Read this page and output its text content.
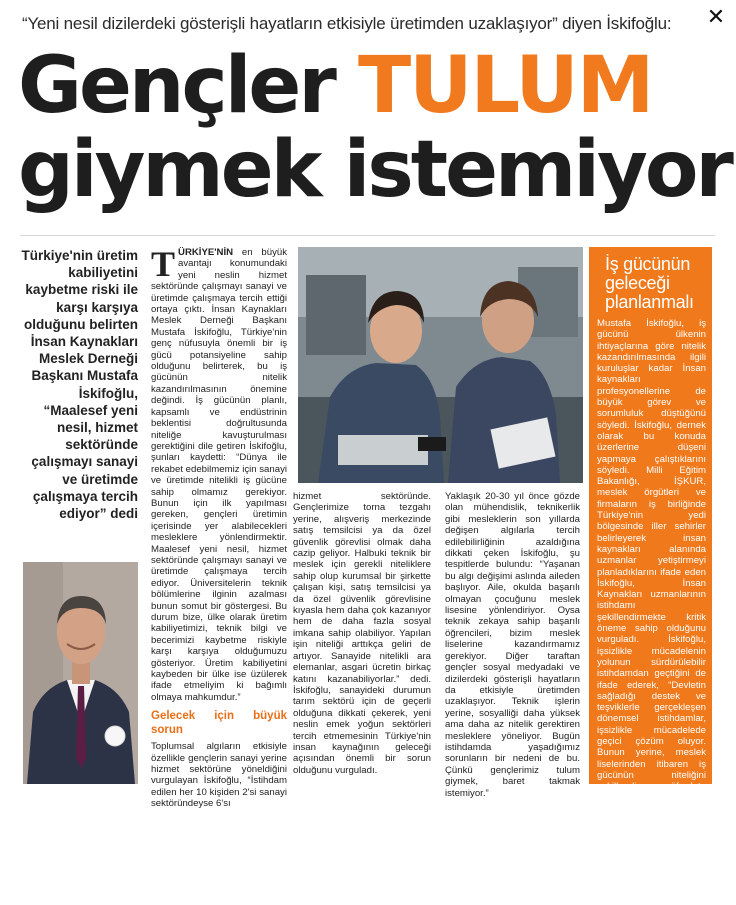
✕
“Yeni nesil dizilerdeki gösterişli hayatların etkisiyle üretimden uzaklaşıyor” diyen İskifoğlu:
Gençler TULUM
giymek istemiyor

Türkiye'nin üretim kabiliyetini kaybetme riski ile karşı karşıya olduğunu belirten İnsan Kaynakları Meslek Derneği Başkanı Mustafa İskifoğlu, “Maalesef yeni nesil, hizmet sektöründe çalışmayı sanayi ve üretimde çalışmaya tercih ediyor” dedi

TÜRKİYE'NİN en büyük avantajı konumundaki yeni neslin hizmet sektöründe çalışmayı sanayi ve üretimde çalışmaya tercih ettiği ortaya çıktı. İnsan Kaynakları Meslek Derneği Başkanı Mustafa İskifoğlu, Türkiye'nin genç nüfusuyla önemli bir iş gücü potansiyeline sahip olduğunu belirterek, bu iş gücünün nitelik kazandırılmasının önemine değindi. İş gücünün planlı, kapsamlı ve endüstrinin beklentisi doğrultusunda niteliğe kavuşturulması gerektiğini dile getiren İskifoğlu, şunları kaydetti: “Dünya ile rekabet edebilmemiz için sanayi ve üretimde nitelikli iş gücüne sahip olmamız gerekiyor. Bunun için ilk yapılması gereken, gençleri üretimin içerisinde yer alabilecekleri mesleklere yönlendirmektir. Maalesef yeni nesil, hizmet sektöründe çalışmayı sanayi ve üretimde çalışmaya tercih ediyor. Üniversitelerin teknik bölümlerine ilginin azalması bunun somut bir göstergesi. Bu durum bize, ülke olarak üretim kabiliyetimizi, teknik bilgi ve becerimizi kaybetme riskiyle karşı karşıya olduğumuzu gösteriyor. Üretim kabiliyetini kaybeden bir ülke ise üzülerek ifade etmeliyim ki bağımlı olmaya mahkumdur.”
Gelecek için büyük sorun
Toplumsal algıların etkisiyle özellikle gençlerin sanayi yerine hizmet sektörüne yöneldiğini vurgulayan İskifoğlu, “İstihdam edilen her 10 kişiden 2'si sanayi sektöründeyse 6'sı
hizmet sektöründe. Gençlerimize torna tezgahı yerine, alışveriş merkezinde satış temsilcisi ya da özel güvenlik görevlisi olmak daha cazip geliyor. Halbuki teknik bir meslek için gerekli niteliklere sahip olup kurumsal bir şirkette çalışan kişi, satış temsilcisi ya da özel güvenlik görevlisine kıyasla hem daha çok kazanıyor hem de daha fazla sosyal imkana sahip olabiliyor. Yapılan işin niteliği arttıkça geliri de artıyor. Sanayide nitelikli ara elemanlar, asgari ücretin birkaç katını kazanabiliyorlar.” dedi. İskifoğlu, sanayideki durumun tarım sektörü için de geçerli olduğuna dikkati çekerek, yeni neslin emek yoğun sektörleri tercih etmemesinin Türkiye'nin insan kaynağının geleceği açısından önemli bir sorun olduğunu vurguladı.
Yaklaşık 20-30 yıl önce gözde olan mühendislik, teknikerlik gibi mesleklerin son yıllarda değişen algılarla tercih edilebilirliğinin azaldığına dikkati çeken İskifoğlu, şu tespitlerde bulundu: “Yaşanan bu algı değişimi aslında aileden başlıyor. Aile, okulda başarılı olmayan çocuğunu meslek lisesine yönlendiriyor. Oysa teknik zekaya sahip başarılı öğrencileri, bizim meslek liselerine kazandırmamız gerekiyor. Diğer taraftan gençler sosyal medyadaki ve dizilerdeki gösterişli hayatların da etkisiyle üretimden uzaklaşıyor. Teknik işlerin yerine, sosyalliği daha yüksek ama daha az nitelik gerektiren mesleklere yöneliyor. Bugün istihdamda yaşadığımız sorunların bir nedeni de bu. Çünkü gençlerimiz tulum giymek, baret takmak istemiyor.”
İş gücünün geleceği planlanmalı
Mustafa İskifoğlu, iş gücünü ülkenin ihtiyaçlarına göre nitelik kazandırılmasında ilgili kuruluşlar kadar İnsan kaynakları profesyonellerine de büyük görev ve sorumluluk düştüğünü söyledi. İskifoğlu, dernek olarak bu konuda üzerlerine düşeni yapmaya çalıştıklarını söyledi. Milli Eğitim Bakanlığı, İŞKUR, meslek örgütleri ve firmaların iş birliğinde Türkiye'nin yedi bölgesinde iller sehirler belirleyerek insan kaynakları alanında uzmanlar yetiştirmeyi planladıklarını ifade eden İskifoğlu, İnsan Kaynakları uzmanlarının istihdamı şekillendirmekte kritik öneme sahip olduğunu vurguladı. İskifoğlu, işsizlikle mücadelenin yolunun sürdürülebilir istihdamdan geçtiğini de ifade ederek, “Devletin sağladığı destek ve teşviklerle gerçekleşen dönemsel istihdamlar, işsizlikle mücadelede geçici çözüm oluyor. Bunun yerine, meslek liselerinden itibaren iş gücünün niteliğini şekillendiren, müfredata her bölgenin yerel sanayisinin ve üretiminin iş gücünde aradığı bilgiye yer veren, iş gücünü geleceğin çalışma düzenine göre planlayan daha kalıcı ve sürdürülebilir bir bakış açısı hayata geçirilmeli.” diye konuştu.
